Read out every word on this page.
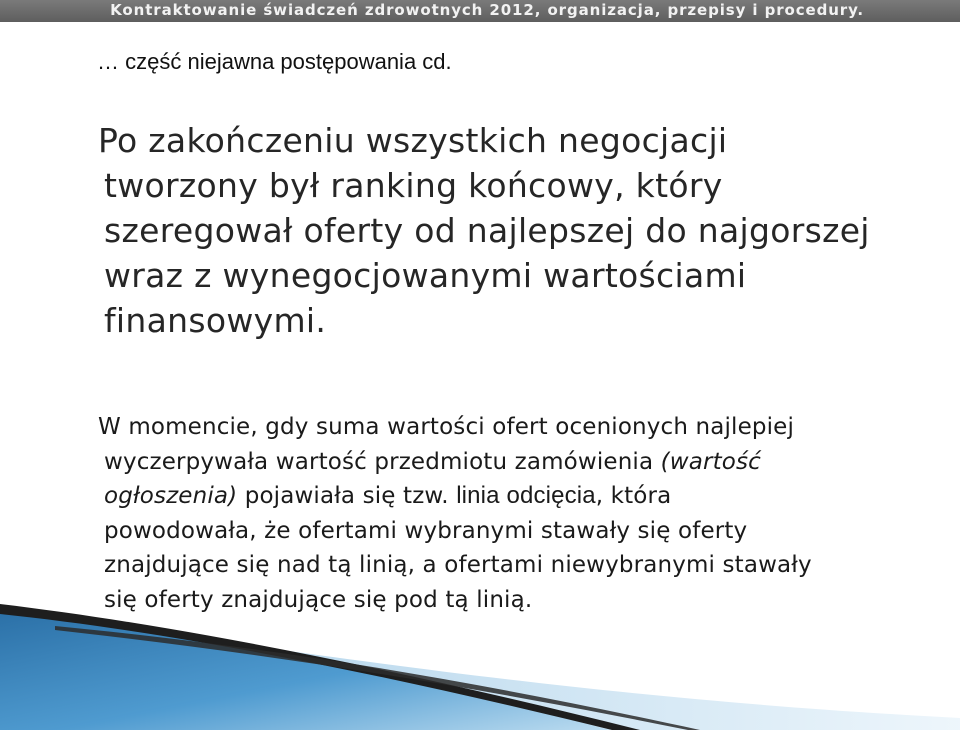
Kontraktowanie świadczeń zdrowotnych 2012, organizacja, przepisy i procedury.
… część niejawna postępowania cd.
Po zakończeniu wszystkich negocjacji
tworzony był ranking końcowy, który
szeregował oferty od najlepszej do najgorszej
wraz z wynegocjowanymi wartościami
finansowymi.
W momencie, gdy suma wartości ofert ocenionych najlepiej
wyczerpywała wartość przedmiotu zamówienia (wartość
ogłoszenia) pojawiała się tzw. linia odcięcia, która
powodowała, że ofertami wybranymi stawały się oferty
znajdujące się nad tą linią, a ofertami niewybranymi stawały
się oferty znajdujące się pod tą linią.
